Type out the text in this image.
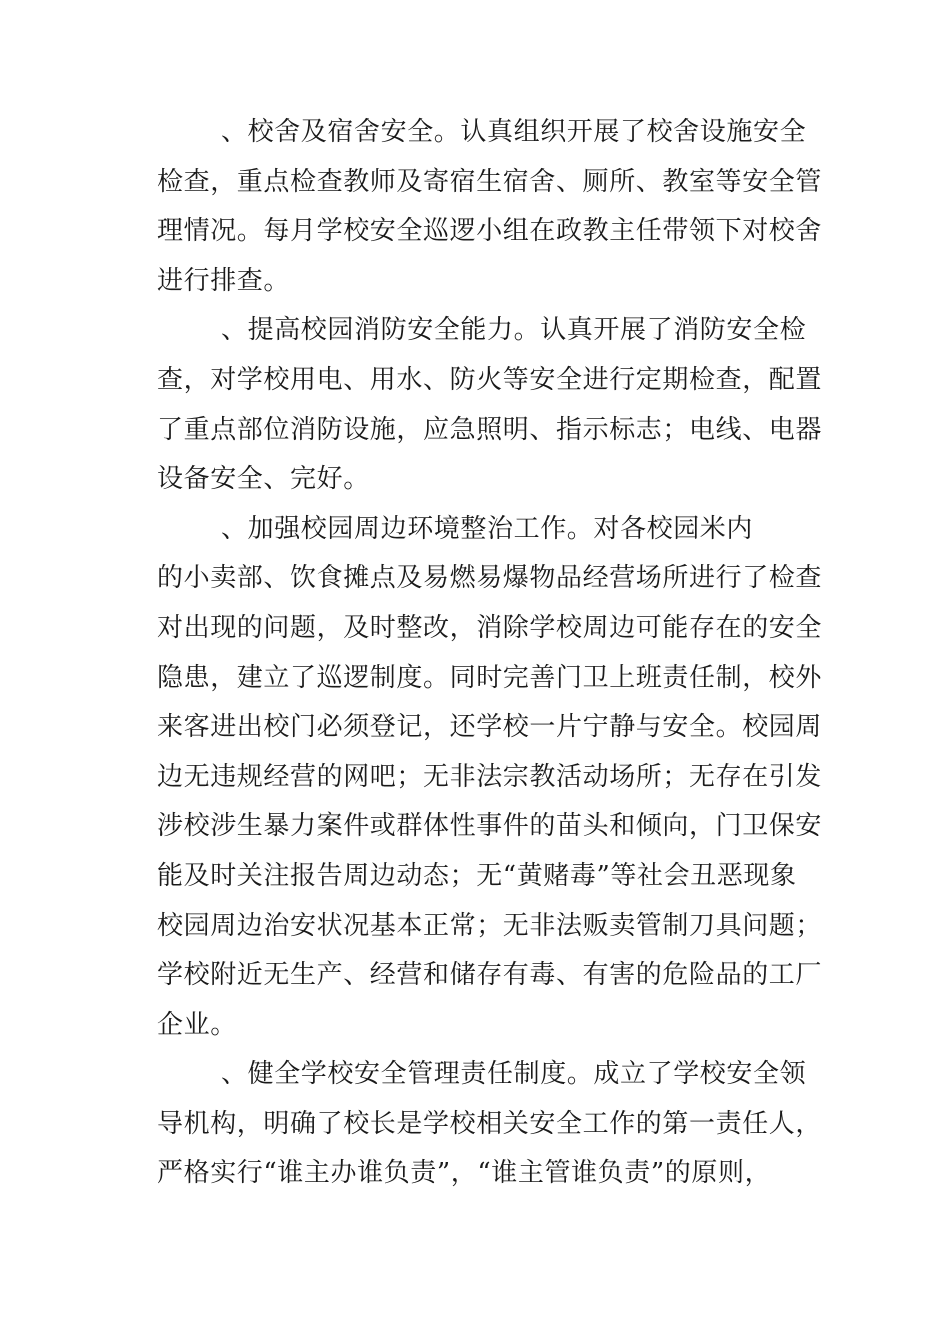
、校舍及宿舍安全。认真组织开展了校舍设施安全
检查，重点检查教师及寄宿生宿舍、厕所、教室等安全管
理情况。每月学校安全巡逻小组在政教主任带领下对校舍
进行排查。
、提高校园消防安全能力。认真开展了消防安全检
查，对学校用电、用水、防火等安全进行定期检查，配置
了重点部位消防设施，应急照明、指示标志；电线、电器
设备安全、完好。
、加强校园周边环境整治工作。对各校园米内
的小卖部、饮食摊点及易燃易爆物品经营场所进行了检查
对出现的问题，及时整改，消除学校周边可能存在的安全
隐患，建立了巡逻制度。同时完善门卫上班责任制，校外
来客进出校门必须登记，还学校一片宁静与安全。校园周
边无违规经营的网吧；无非法宗教活动场所；无存在引发
涉校涉生暴力案件或群体性事件的苗头和倾向，门卫保安
能及时关注报告周边动态；无“黄赌毒”等社会丑恶现象
校园周边治安状况基本正常；无非法贩卖管制刀具问题；
学校附近无生产、经营和储存有毒、有害的危险品的工厂
企业。
、健全学校安全管理责任制度。成立了学校安全领
导机构，明确了校长是学校相关安全工作的第一责任人，
严格实行“谁主办谁负责”，“谁主管谁负责”的原则，
